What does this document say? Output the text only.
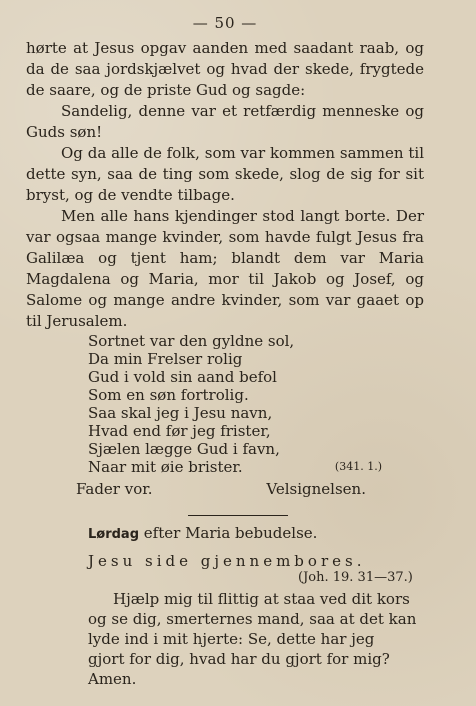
— 50 —

hørte at Jesus opgav aanden med saadant raab, og da de saa jordskjælvet og hvad der skede, frygtede de saare, og de priste Gud og sagde:

Sandelig, denne var et retfærdig menneske og Guds søn!

Og da alle de folk, som var kommen sammen til dette syn, saa de ting som skede, slog de sig for sit bryst, og de vendte tilbage.

Men alle hans kjendinger stod langt borte. Der var ogsaa mange kvinder, som havde fulgt Jesus fra Galilæa og tjent ham; blandt dem var Maria Magdalena og Maria, mor til Jakob og Josef, og Salome og mange andre kvinder, som var gaaet op til Jerusalem.

Sortnet var den gyldne sol,
Da min Frelser rolig
Gud i vold sin aand befol
Som en søn fortrolig.
Saa skal jeg i Jesu navn,
Hvad end før jeg frister,
Sjælen lægge Gud i favn,
Naar mit øie brister.	(341. 1.)
Fader vor.	Velsignelsen.
Lørdag efter Maria bebudelse.
Jesu side gjennembores.
(Joh. 19. 31—37.)
Hjælp mig til flittig at staa ved dit kors
og se dig, smerternes mand, saa at det kan
lyde ind i mit hjerte: Se, dette har jeg
gjort for dig, hvad har du gjort for mig?
Amen.
